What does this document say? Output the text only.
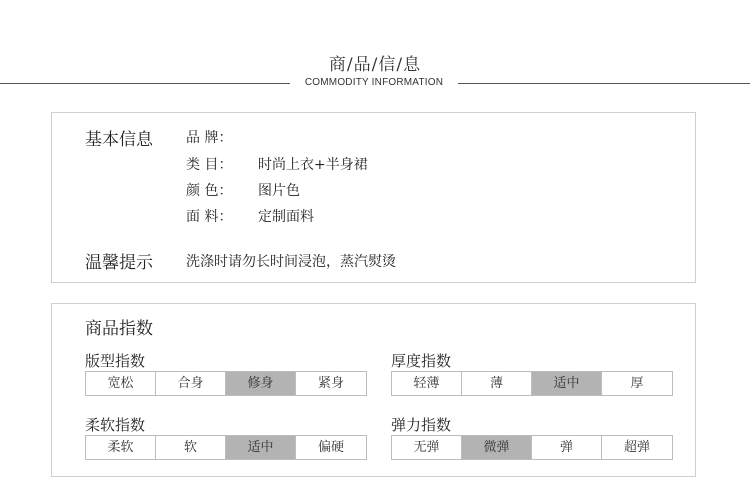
商/品/信/息
COMMODITY INFORMATION
基本信息 品 牌：
类 目： 时尚上衣+半身裙
颜 色： 图片色
面 料： 定制面料
温馨提示 洗涤时请勿长时间浸泡，蒸汽熨烫
商品指数
版型指数
宽松	合身	修身	紧身
厚度指数
轻薄	薄	适中	厚
柔软指数
柔软	软	适中	偏硬
弹力指数
无弹	微弹	弹	超弹
